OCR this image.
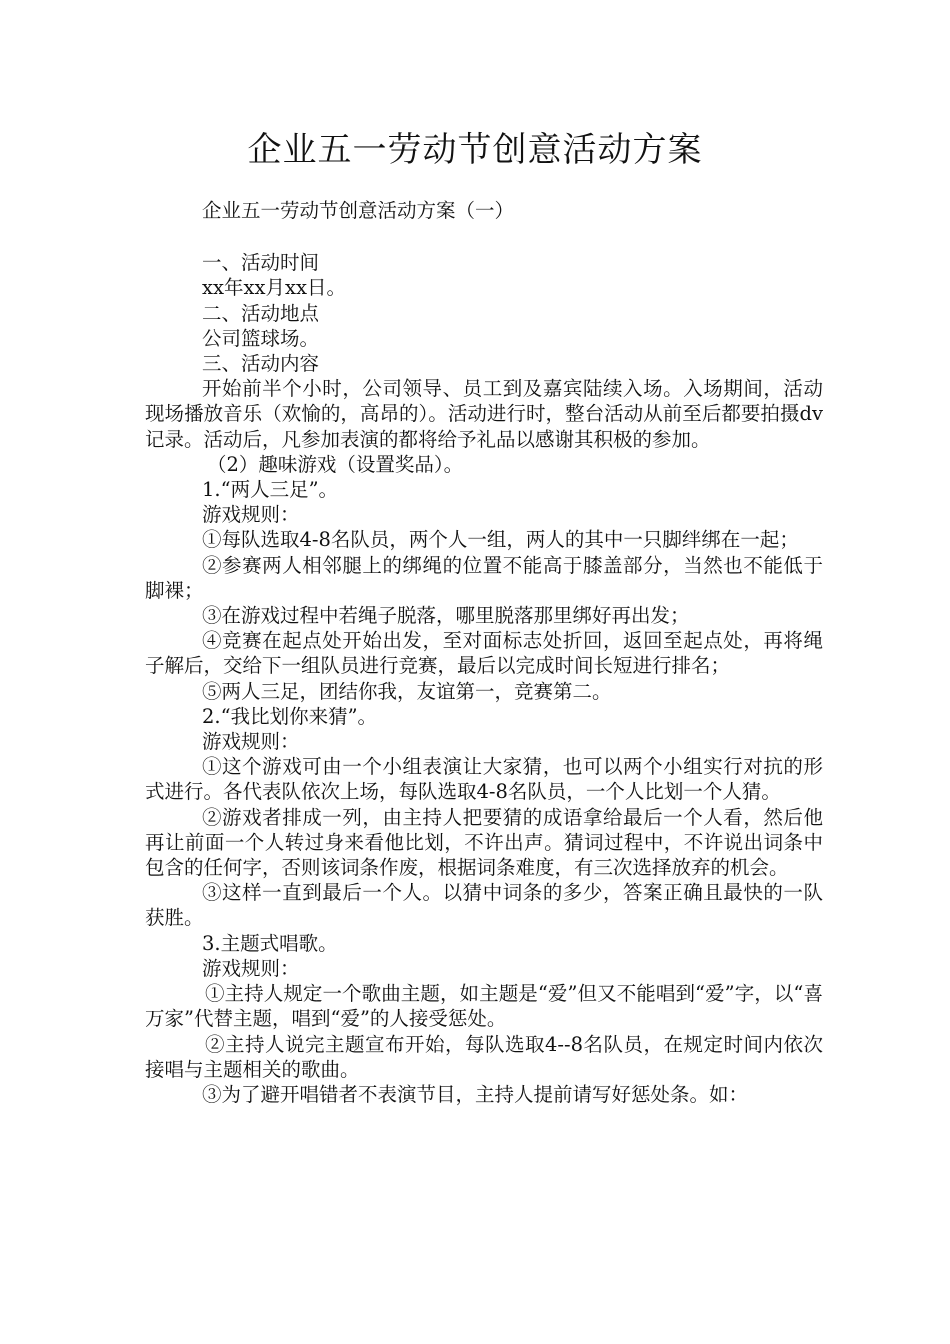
企业五一劳动节创意活动方案

企业五一劳动节创意活动方案（一）

一、活动时间

xx年xx月xx日。

二、活动地点

公司篮球场。

三、活动内容

开始前半个小时，公司领导、员工到及嘉宾陆续入场。入场期间，活动现场播放音乐（欢愉的，高昂的）。活动进行时，整台活动从前至后都要拍摄dv记录。活动后，凡参加表演的都将给予礼品以感谢其积极的参加。

（2）趣味游戏（设置奖品）。

1.“两人三足”。

游戏规则：

①每队选取4-8名队员，两个人一组，两人的其中一只脚绊绑在一起；

②参赛两人相邻腿上的绑绳的位置不能高于膝盖部分，当然也不能低于脚裸；

③在游戏过程中若绳子脱落，哪里脱落那里绑好再出发；

④竞赛在起点处开始出发，至对面标志处折回，返回至起点处，再将绳子解后，交给下一组队员进行竞赛，最后以完成时间长短进行排名；

⑤两人三足，团结你我，友谊第一，竞赛第二。

2.“我比划你来猜”。

游戏规则：

①这个游戏可由一个小组表演让大家猜，也可以两个小组实行对抗的形式进行。各代表队依次上场，每队选取4-8名队员，一个人比划一个人猜。

②游戏者排成一列，由主持人把要猜的成语拿给最后一个人看，然后他再让前面一个人转过身来看他比划，不许出声。猜词过程中，不许说出词条中包含的任何字，否则该词条作废，根据词条难度，有三次选择放弃的机会。

③这样一直到最后一个人。以猜中词条的多少，答案正确且最快的一队获胜。

3.主题式唱歌。

游戏规则：

①主持人规定一个歌曲主题，如主题是“爱”但又不能唱到“爱”字，以“喜万家”代替主题，唱到“爱”的人接受惩处。

②主持人说完主题宣布开始，每队选取4--8名队员，在规定时间内依次接唱与主题相关的歌曲。

③为了避开唱错者不表演节目，主持人提前请写好惩处条。如：
